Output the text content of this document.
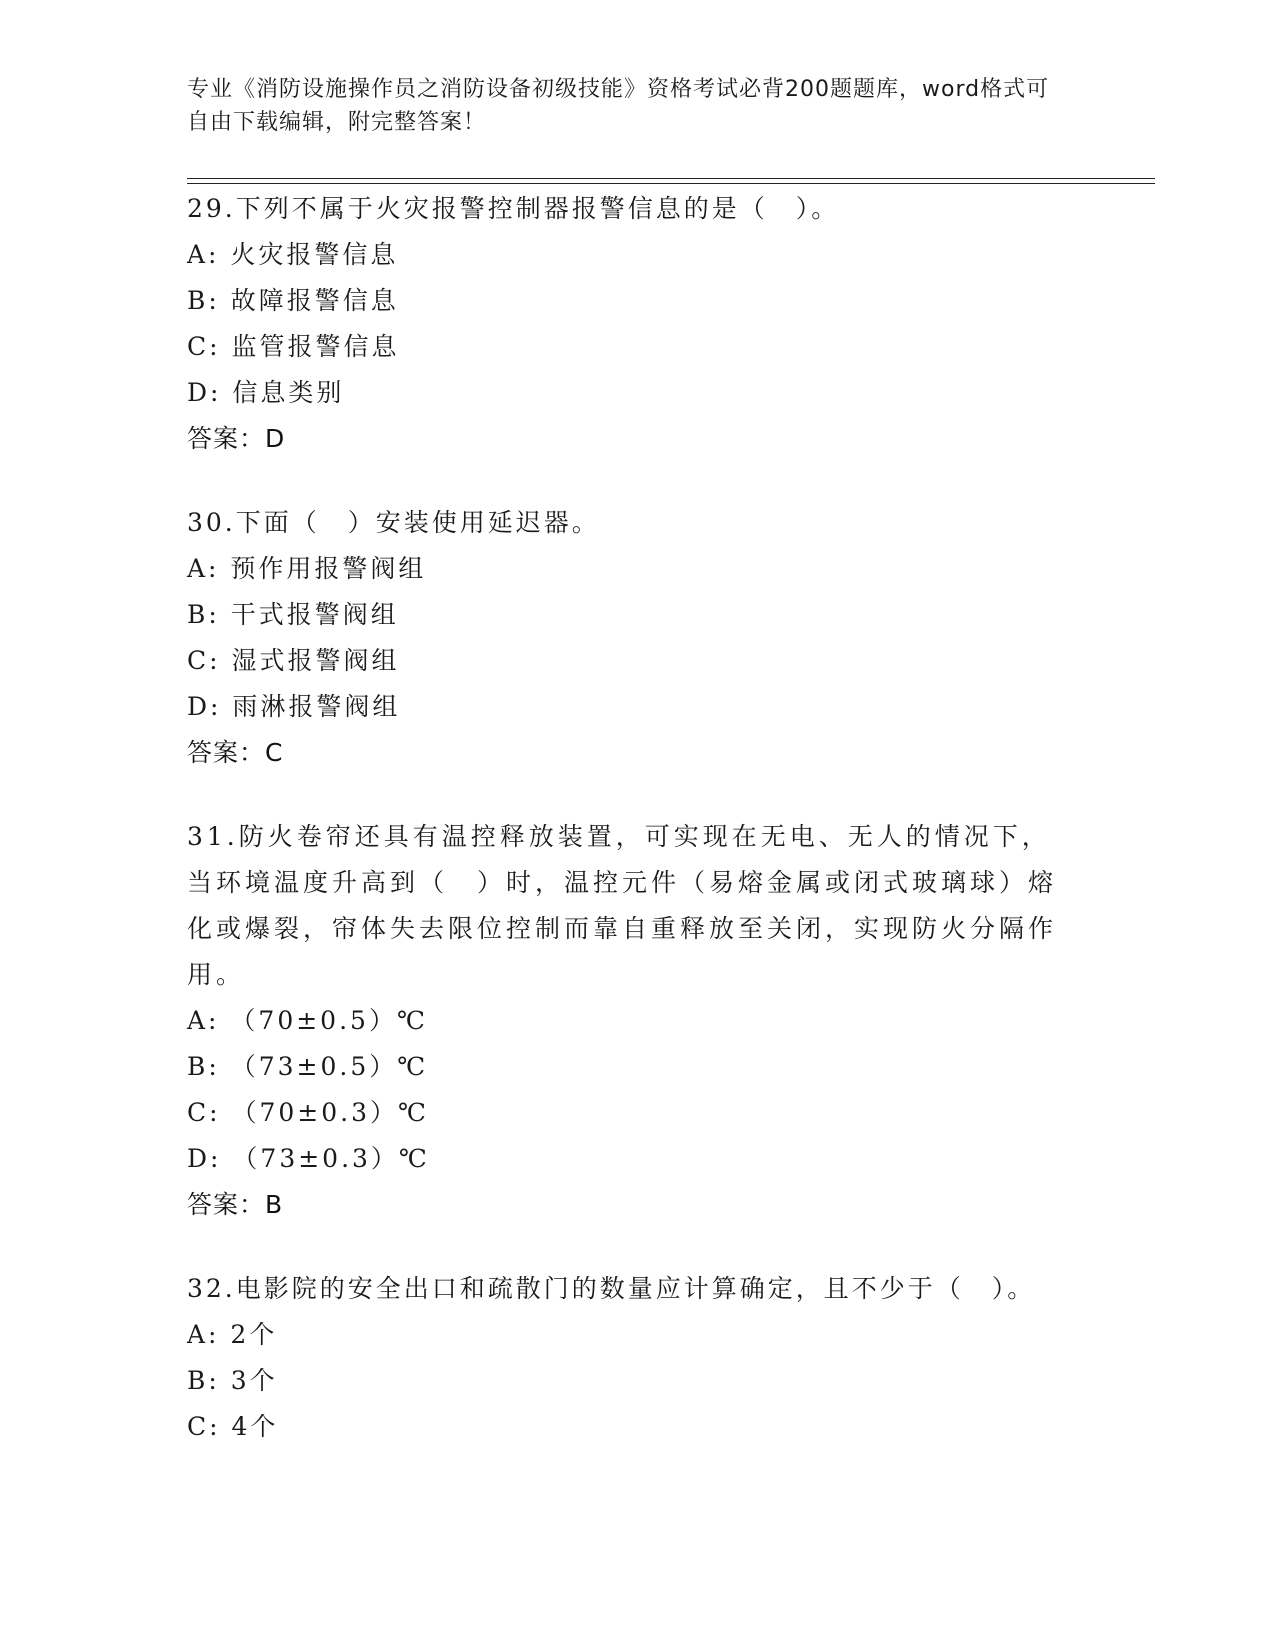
专业《消防设施操作员之消防设备初级技能》资格考试必背200题题库，word格式可自由下载编辑，附完整答案！
29.下列不属于火灾报警控制器报警信息的是（　）。
A: 火灾报警信息
B: 故障报警信息
C: 监管报警信息
D: 信息类别
答案：D
30.下面（　）安装使用延迟器。
A: 预作用报警阀组
B: 干式报警阀组
C: 湿式报警阀组
D: 雨淋报警阀组
答案：C
31.防火卷帘还具有温控释放装置，可实现在无电、无人的情况下，当环境温度升高到（　）时，温控元件（易熔金属或闭式玻璃球）熔化或爆裂，帘体失去限位控制而靠自重释放至关闭，实现防火分隔作用。
A: （70±0.5）℃
B: （73±0.5）℃
C: （70±0.3）℃
D: （73±0.3）℃
答案：B
32.电影院的安全出口和疏散门的数量应计算确定，且不少于（　）。
A: 2个
B: 3个
C: 4个
